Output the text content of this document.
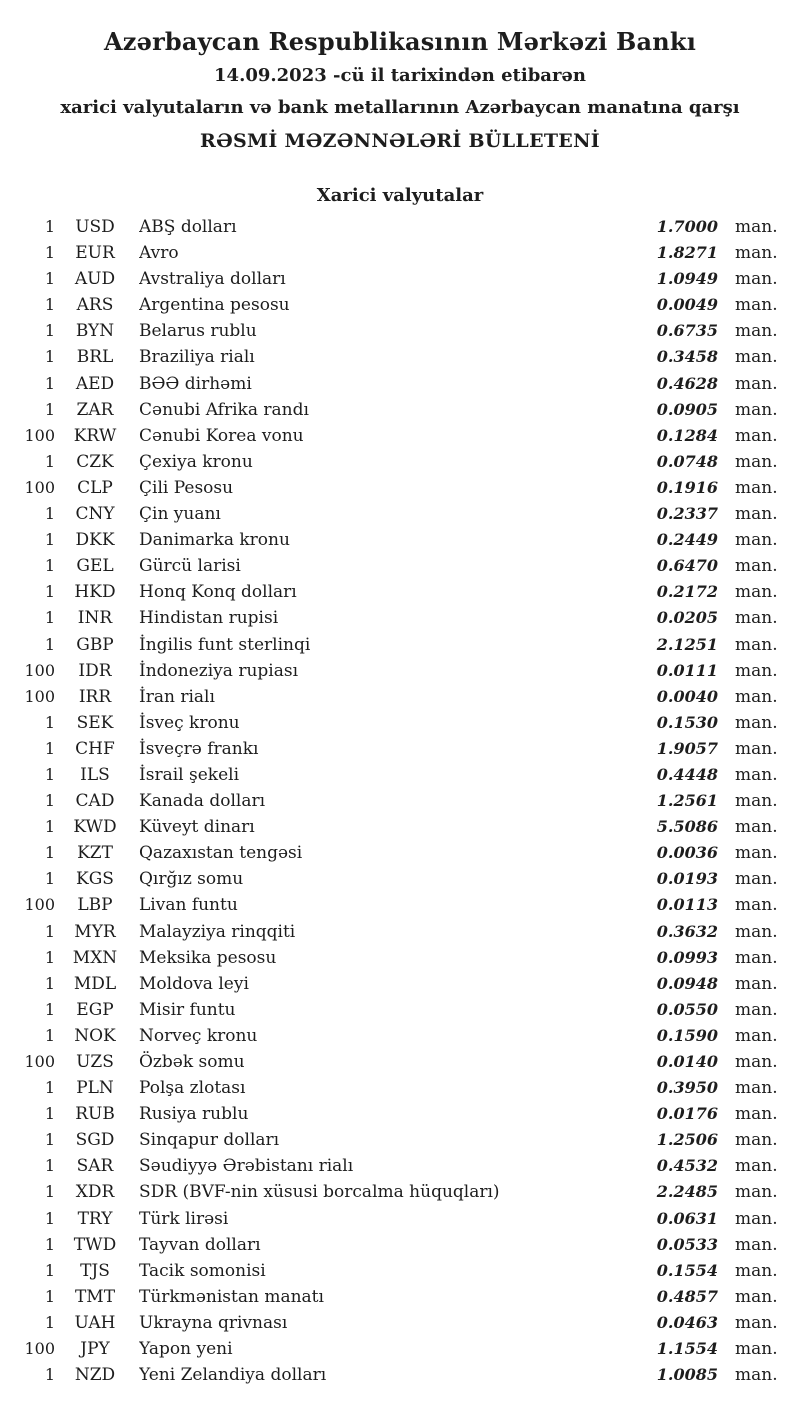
Azərbaycan Respublikasının Mərkəzi Bankı
14.09.2023 -cü il tarixindən etibarən
xarici valyutaların və bank metallarının Azərbaycan manatına qarşı
RƏSMİ MƏZƏNNƏLƏRİ BÜLLETENİ
Xarici valyutalar
1	USD	ABŞ dolları	1.7000	man.
1	EUR	Avro	1.8271	man.
1	AUD	Avstraliya dolları	1.0949	man.
1	ARS	Argentina pesosu	0.0049	man.
1	BYN	Belarus rublu	0.6735	man.
1	BRL	Braziliya rialı	0.3458	man.
1	AED	BƏƏ dirhəmi	0.4628	man.
1	ZAR	Cənubi Afrika randı	0.0905	man.
100	KRW	Cənubi Korea vonu	0.1284	man.
1	CZK	Çexiya kronu	0.0748	man.
100	CLP	Çili Pesosu	0.1916	man.
1	CNY	Çin yuanı	0.2337	man.
1	DKK	Danimarka kronu	0.2449	man.
1	GEL	Gürcü larisi	0.6470	man.
1	HKD	Honq Konq dolları	0.2172	man.
1	INR	Hindistan rupisi	0.0205	man.
1	GBP	İngilis funt sterlinqi	2.1251	man.
100	IDR	İndoneziya rupiası	0.0111	man.
100	IRR	İran rialı	0.0040	man.
1	SEK	İsveç kronu	0.1530	man.
1	CHF	İsveçrə frankı	1.9057	man.
1	ILS	İsrail şekeli	0.4448	man.
1	CAD	Kanada dolları	1.2561	man.
1	KWD	Küveyt dinarı	5.5086	man.
1	KZT	Qazaxıstan tengəsi	0.0036	man.
1	KGS	Qırğız somu	0.0193	man.
100	LBP	Livan funtu	0.0113	man.
1	MYR	Malayziya rinqqiti	0.3632	man.
1	MXN	Meksika pesosu	0.0993	man.
1	MDL	Moldova leyi	0.0948	man.
1	EGP	Misir funtu	0.0550	man.
1	NOK	Norveç kronu	0.1590	man.
100	UZS	Özbək somu	0.0140	man.
1	PLN	Polşa zlotası	0.3950	man.
1	RUB	Rusiya rublu	0.0176	man.
1	SGD	Sinqapur dolları	1.2506	man.
1	SAR	Səudiyyə Ərəbistanı rialı	0.4532	man.
1	XDR	SDR (BVF-nin xüsusi borcalma hüquqları)	2.2485	man.
1	TRY	Türk lirəsi	0.0631	man.
1	TWD	Tayvan dolları	0.0533	man.
1	TJS	Tacik somonisi	0.1554	man.
1	TMT	Türkmənistan manatı	0.4857	man.
1	UAH	Ukrayna qrivnası	0.0463	man.
100	JPY	Yapon yeni	1.1554	man.
1	NZD	Yeni Zelandiya dolları	1.0085	man.
